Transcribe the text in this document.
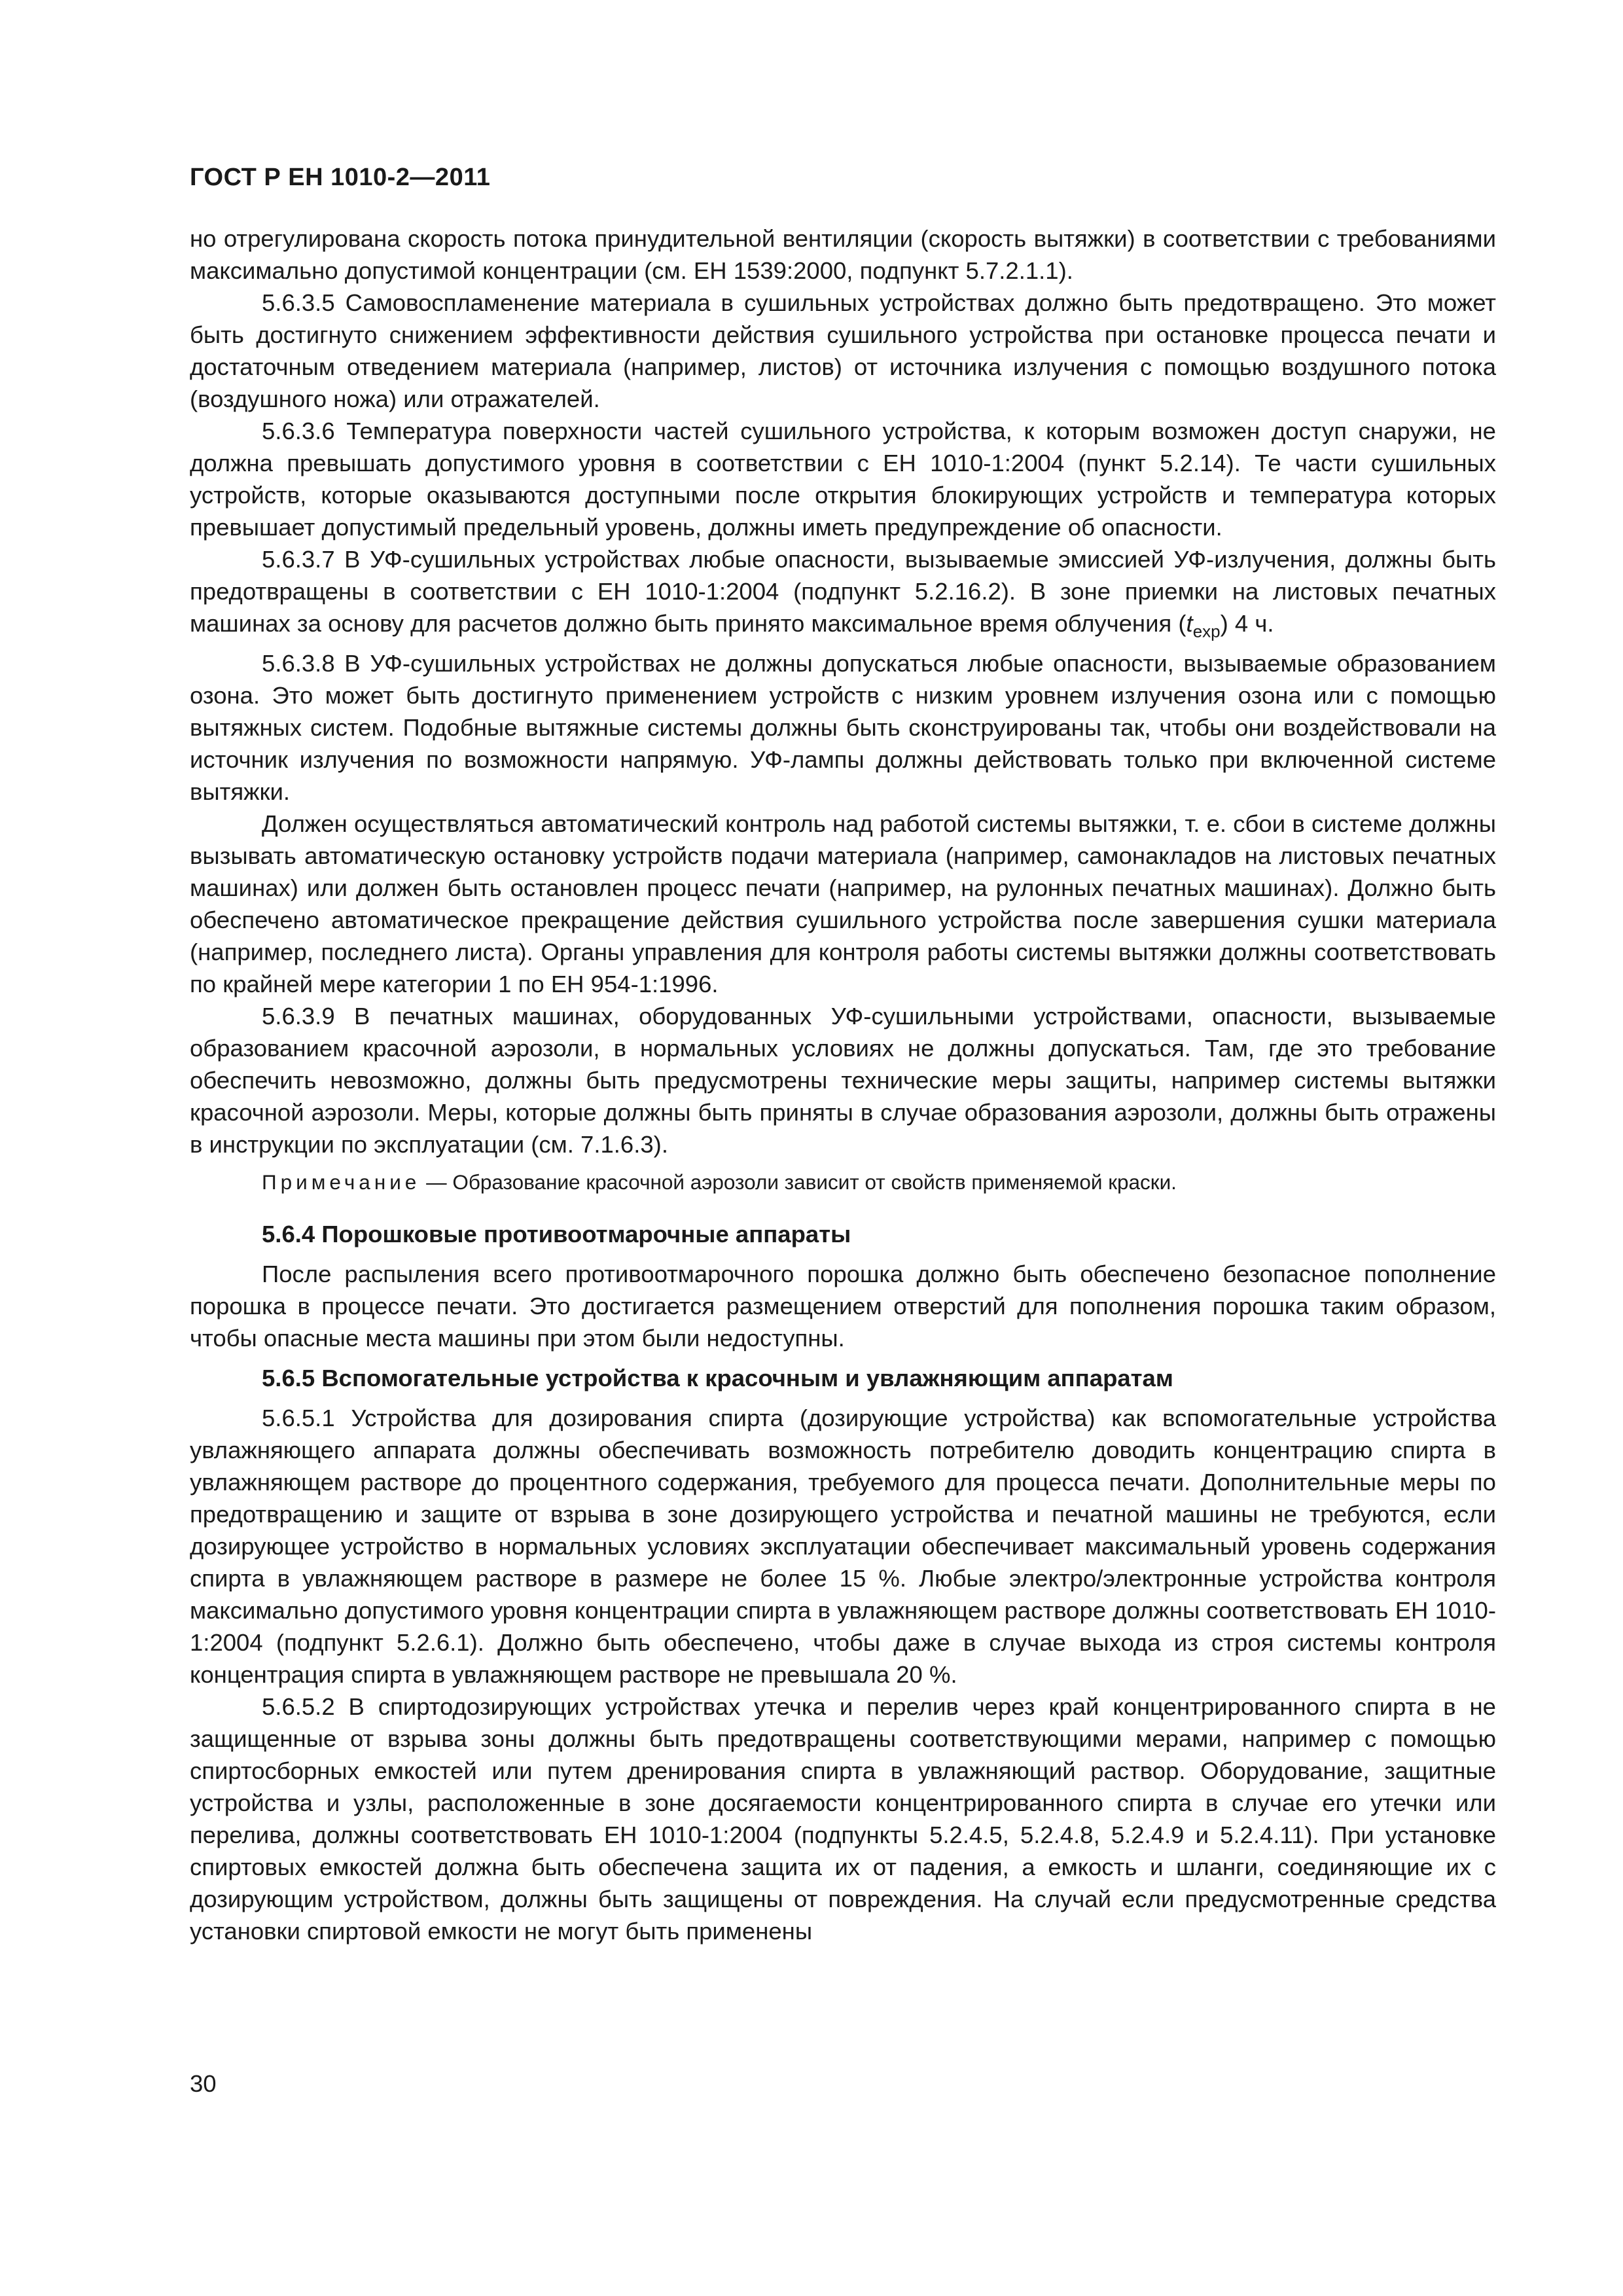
ГОСТ Р ЕН 1010-2—2011

но отрегулирована скорость потока принудительной вентиляции (скорость вытяжки) в соответствии с требованиями максимально допустимой концентрации (см. ЕН 1539:2000, подпункт 5.7.2.1.1).

5.6.3.5 Самовоспламенение материала в сушильных устройствах должно быть предотвращено. Это может быть достигнуто снижением эффективности действия сушильного устройства при остановке процесса печати и достаточным отведением материала (например, листов) от источника излучения с помощью воздушного потока (воздушного ножа) или отражателей.

5.6.3.6 Температура поверхности частей сушильного устройства, к которым возможен доступ снаружи, не должна превышать допустимого уровня в соответствии с ЕН 1010-1:2004 (пункт 5.2.14). Те части сушильных устройств, которые оказываются доступными после открытия блокирующих устройств и температура которых превышает допустимый предельный уровень, должны иметь предупреждение об опасности.

5.6.3.7 В УФ-сушильных устройствах любые опасности, вызываемые эмиссией УФ-излучения, должны быть предотвращены в соответствии с ЕН 1010-1:2004 (подпункт 5.2.16.2). В зоне приемки на листовых печатных машинах за основу для расчетов должно быть принято максимальное время облучения $(t_{exp})$ 4 ч.

5.6.3.8 В УФ-сушильных устройствах не должны допускаться любые опасности, вызываемые образованием озона. Это может быть достигнуто применением устройств с низким уровнем излучения озона или с помощью вытяжных систем. Подобные вытяжные системы должны быть сконструированы так, чтобы они воздействовали на источник излучения по возможности напрямую. УФ-лампы должны действовать только при включенной системе вытяжки.

Должен осуществляться автоматический контроль над работой системы вытяжки, т. е. сбои в системе должны вызывать автоматическую остановку устройств подачи материала (например, самонакладов на листовых печатных машинах) или должен быть остановлен процесс печати (например, на рулонных печатных машинах). Должно быть обеспечено автоматическое прекращение действия сушильного устройства после завершения сушки материала (например, последнего листа). Органы управления для контроля работы системы вытяжки должны соответствовать по крайней мере категории 1 по ЕН 954-1:1996.

5.6.3.9 В печатных машинах, оборудованных УФ-сушильными устройствами, опасности, вызываемые образованием красочной аэрозоли, в нормальных условиях не должны допускаться. Там, где это требование обеспечить невозможно, должны быть предусмотрены технические меры защиты, например системы вытяжки красочной аэрозоли. Меры, которые должны быть приняты в случае образования аэрозоли, должны быть отражены в инструкции по эксплуатации (см. 7.1.6.3).

Примечание — Образование красочной аэрозоли зависит от свойств применяемой краски.

5.6.4 Порошковые противоотмарочные аппараты

После распыления всего противоотмарочного порошка должно быть обеспечено безопасное пополнение порошка в процессе печати. Это достигается размещением отверстий для пополнения порошка таким образом, чтобы опасные места машины при этом были недоступны.

5.6.5 Вспомогательные устройства к красочным и увлажняющим аппаратам

5.6.5.1 Устройства для дозирования спирта (дозирующие устройства) как вспомогательные устройства увлажняющего аппарата должны обеспечивать возможность потребителю доводить концентрацию спирта в увлажняющем растворе до процентного содержания, требуемого для процесса печати. Дополнительные меры по предотвращению и защите от взрыва в зоне дозирующего устройства и печатной машины не требуются, если дозирующее устройство в нормальных условиях эксплуатации обеспечивает максимальный уровень содержания спирта в увлажняющем растворе в размере не более 15 %. Любые электро/электронные устройства контроля максимально допустимого уровня концентрации спирта в увлажняющем растворе должны соответствовать ЕН 1010-1:2004 (подпункт 5.2.6.1). Должно быть обеспечено, чтобы даже в случае выхода из строя системы контроля концентрация спирта в увлажняющем растворе не превышала 20 %.

5.6.5.2 В спиртодозирующих устройствах утечка и перелив через край концентрированного спирта в не защищенные от взрыва зоны должны быть предотвращены соответствующими мерами, например с помощью спиртосборных емкостей или путем дренирования спирта в увлажняющий раствор. Оборудование, защитные устройства и узлы, расположенные в зоне досягаемости концентрированного спирта в случае его утечки или перелива, должны соответствовать ЕН 1010-1:2004 (подпункты 5.2.4.5, 5.2.4.8, 5.2.4.9 и 5.2.4.11). При установке спиртовых емкостей должна быть обеспечена защита их от падения, а емкость и шланги, соединяющие их с дозирующим устройством, должны быть защищены от повреждения. На случай если предусмотренные средства установки спиртовой емкости не могут быть применены

30
